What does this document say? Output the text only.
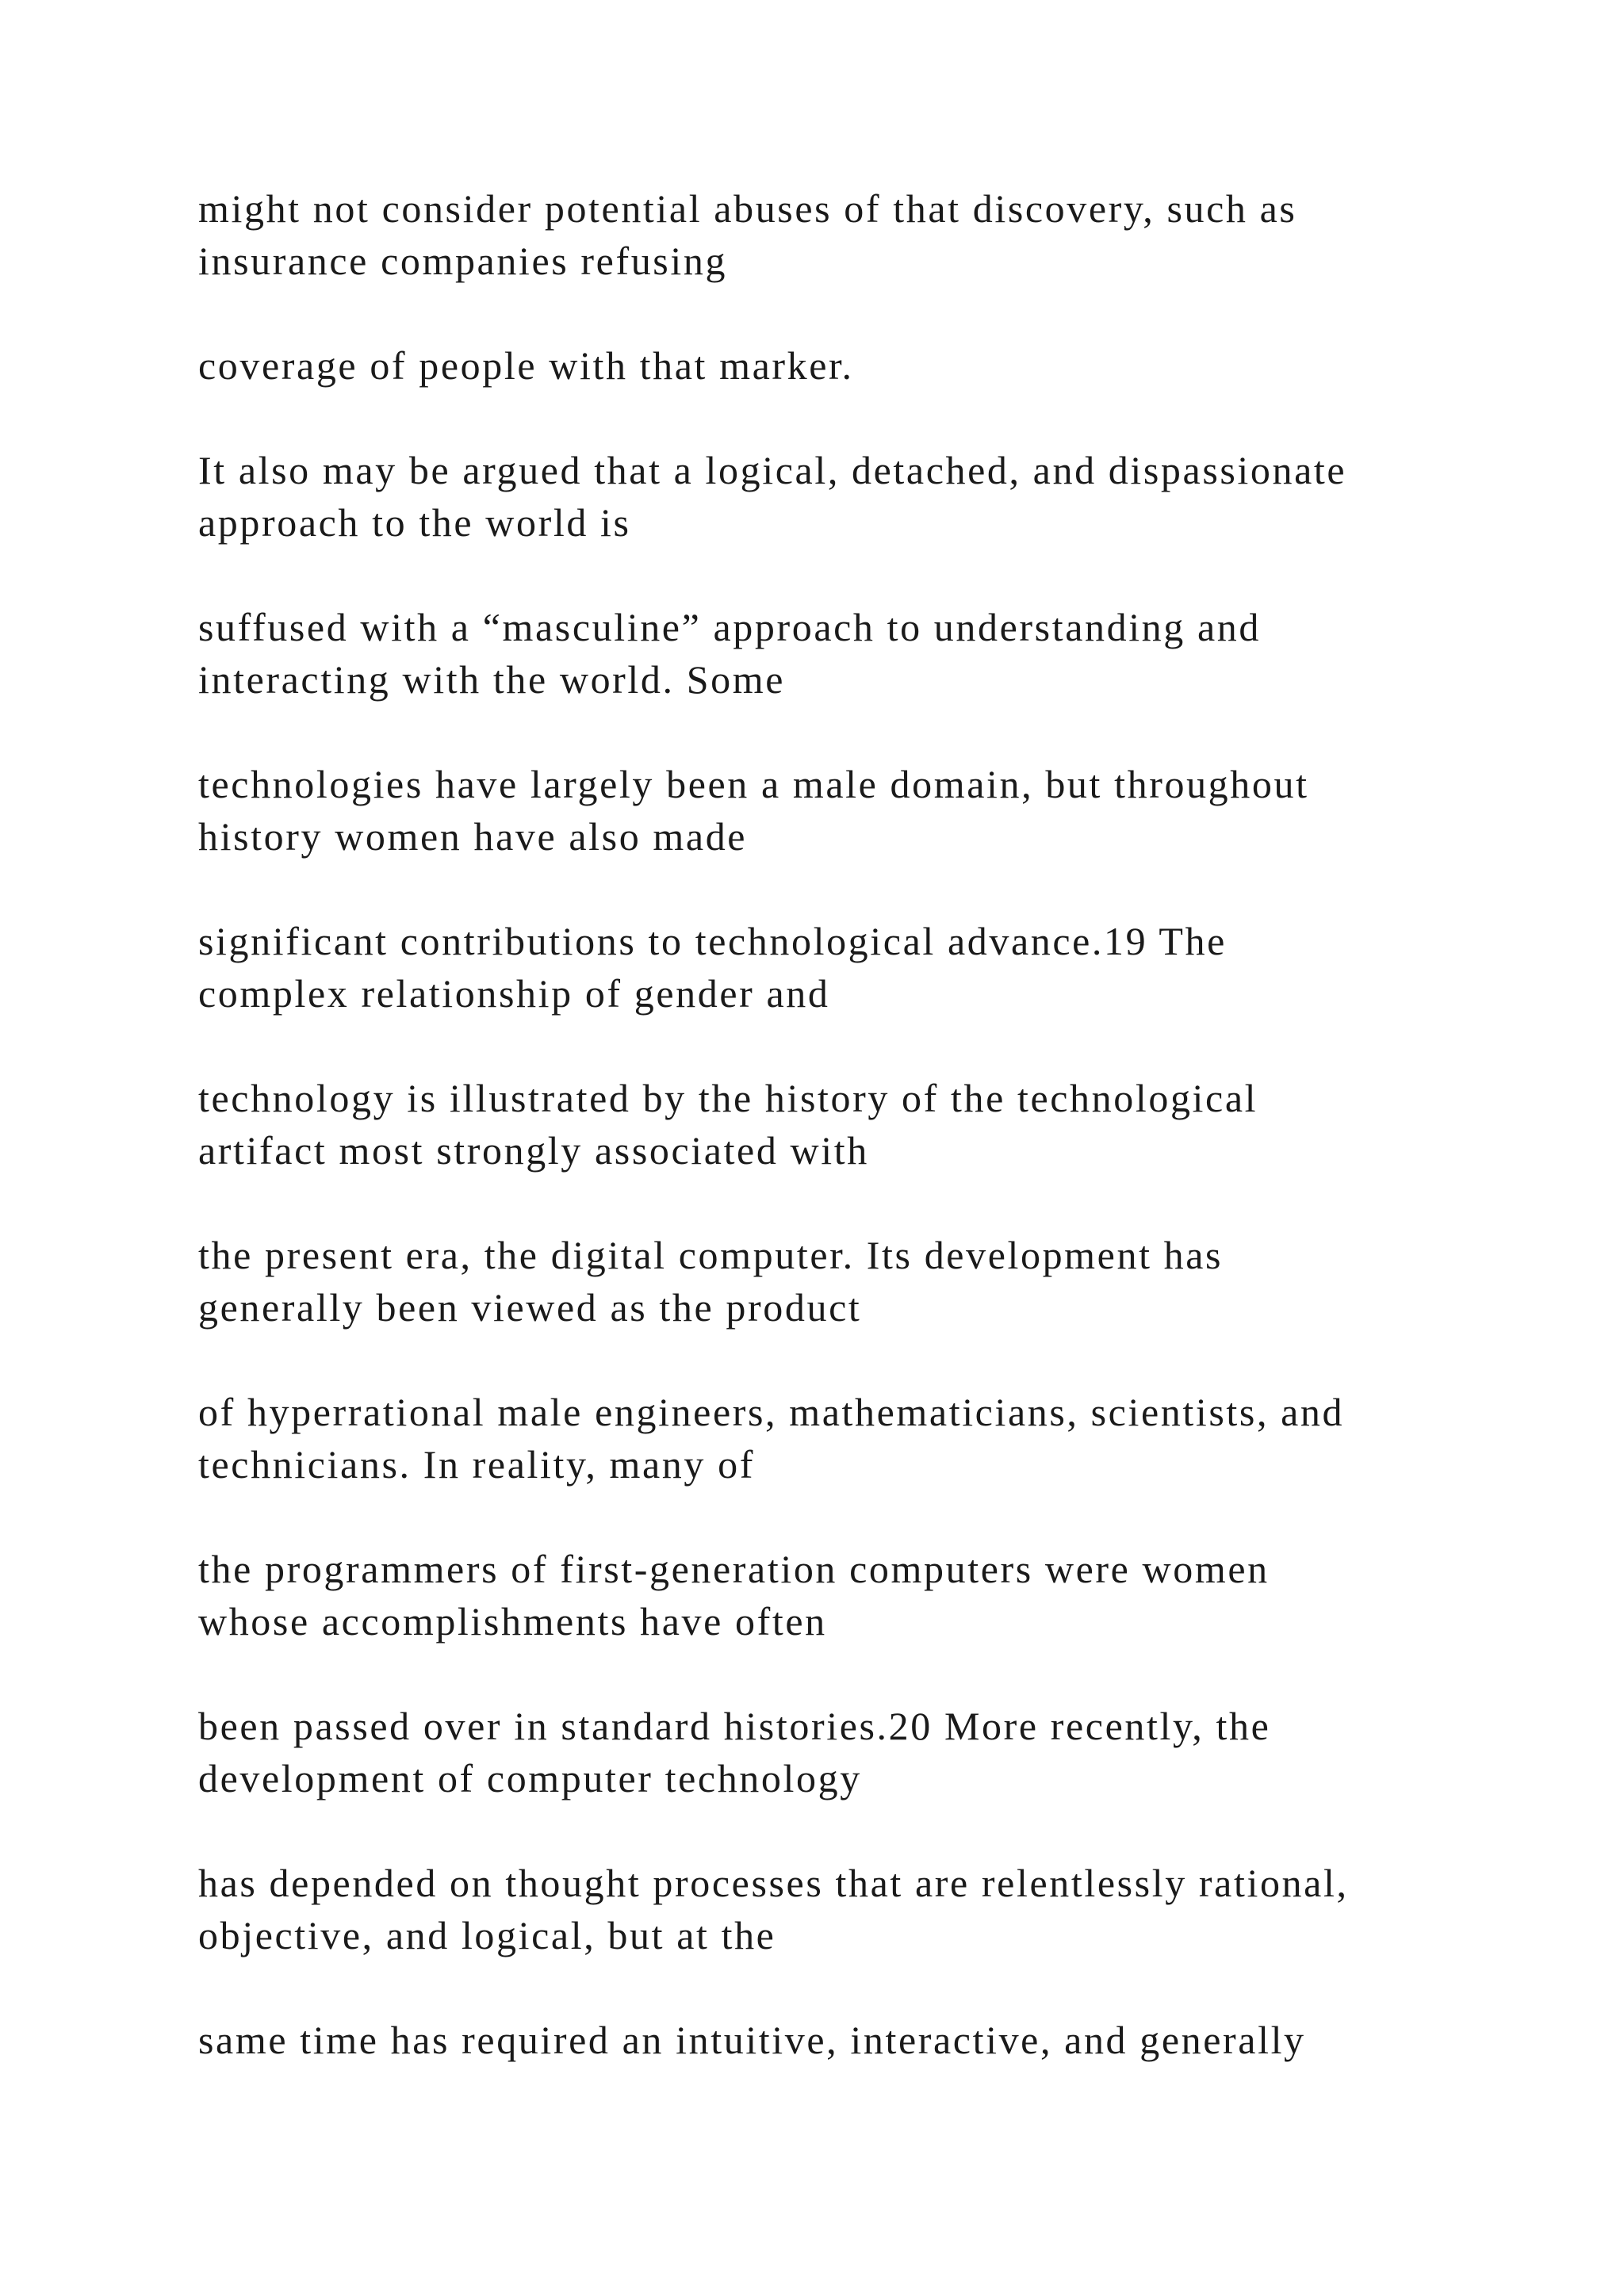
might not consider potential abuses of that discovery, such as
insurance companies refusing

coverage of people with that marker.

It also may be argued that a logical, detached, and dispassionate
approach to the world is

suffused with a “masculine” approach to understanding and
interacting with the world. Some

technologies have largely been a male domain, but throughout
history women have also made

significant contributions to technological advance.19 The
complex relationship of gender and

technology is illustrated by the history of the technological
artifact most strongly associated with

the present era, the digital computer. Its development has
generally been viewed as the product

of hyperrational male engineers, mathematicians, scientists, and
technicians. In reality, many of

the programmers of first-generation computers were women
whose accomplishments have often

been passed over in standard histories.20 More recently, the
development of computer technology

has depended on thought processes that are relentlessly rational,
objective, and logical, but at the

same time has required an intuitive, interactive, and generally
